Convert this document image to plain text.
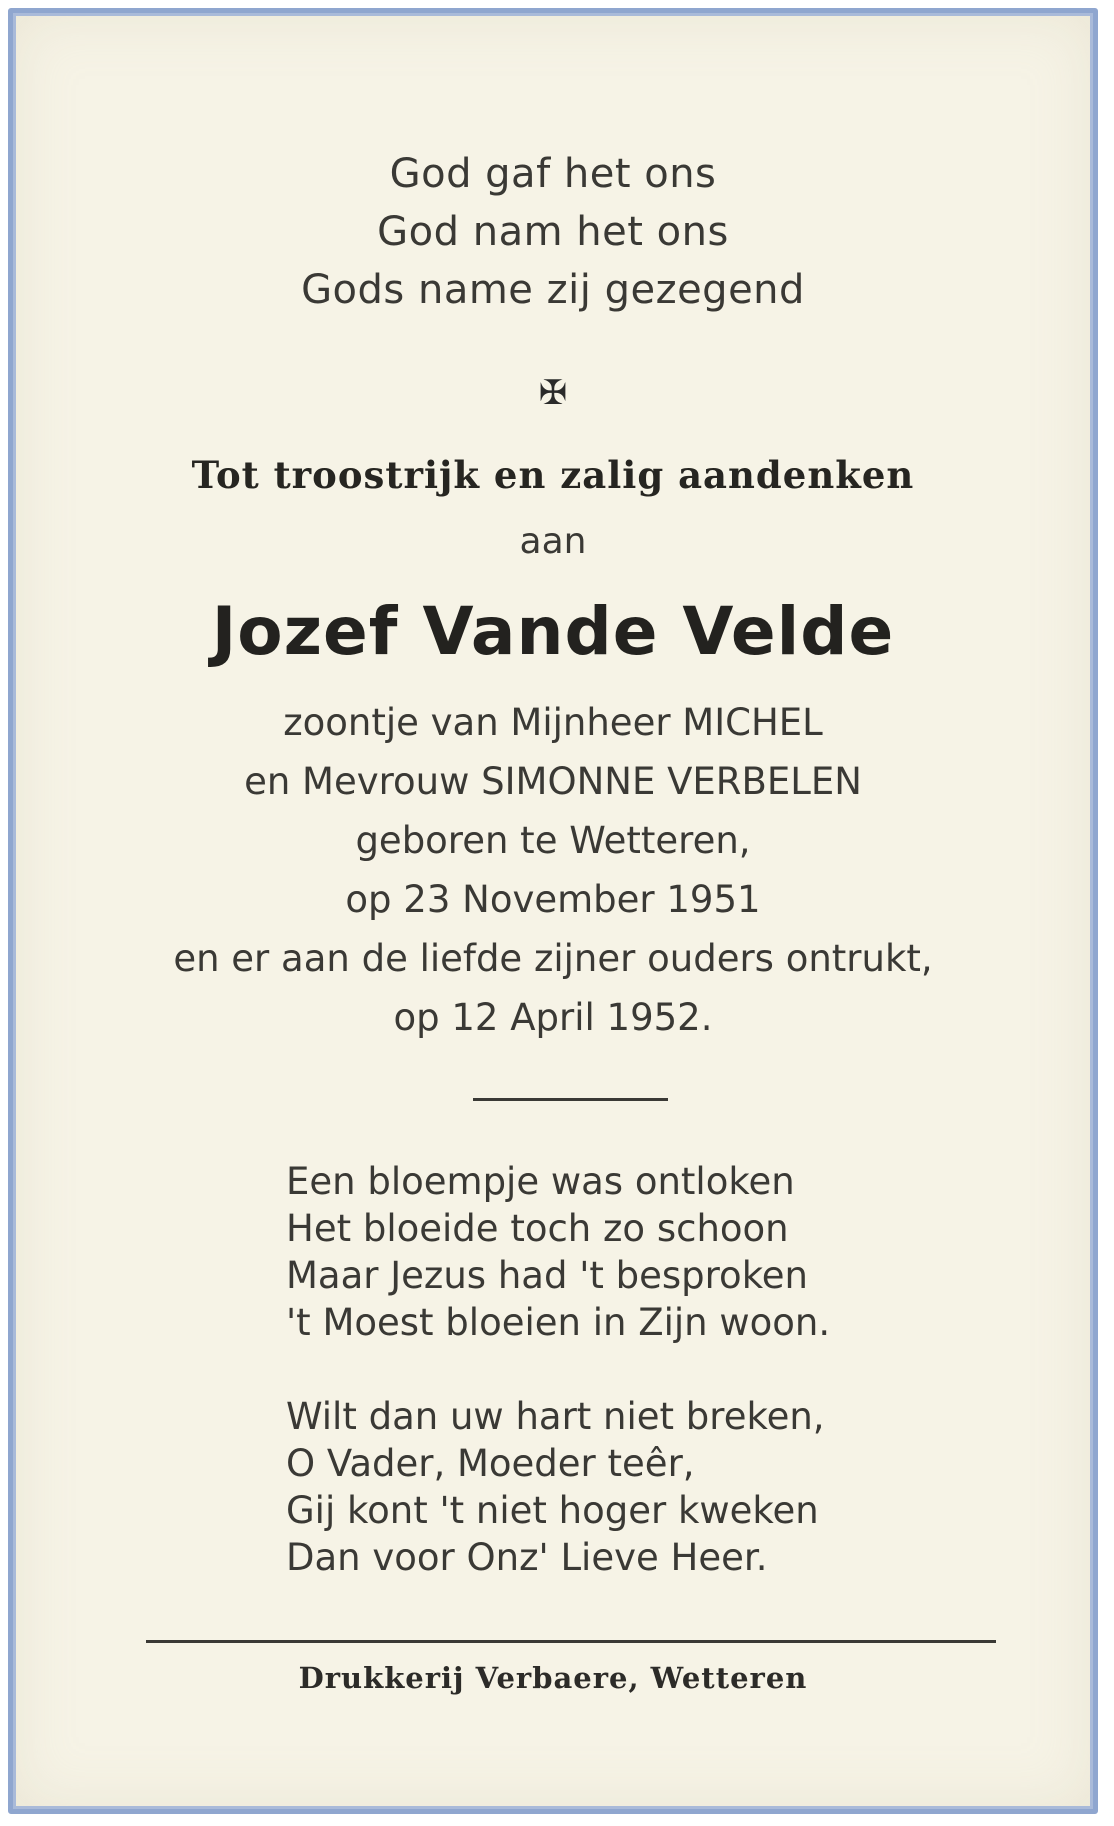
God gaf het ons
God nam het ons
Gods name zij gezegend
✠
Tot troostrijk en zalig aandenken
aan
Jozef Vande Velde
zoontje van Mijnheer MICHEL
en Mevrouw SIMONNE VERBELEN
geboren te Wetteren,
op 23 November 1951
en er aan de liefde zijner ouders ontrukt,
op 12 April 1952.
Een bloempje was ontloken
Het bloeide toch zo schoon
Maar Jezus had 't besproken
't Moest bloeien in Zijn woon.
Wilt dan uw hart niet breken,
O Vader, Moeder teêr,
Gij kont 't niet hoger kweken
Dan voor Onz' Lieve Heer.
Drukkerij Verbaere, Wetteren
